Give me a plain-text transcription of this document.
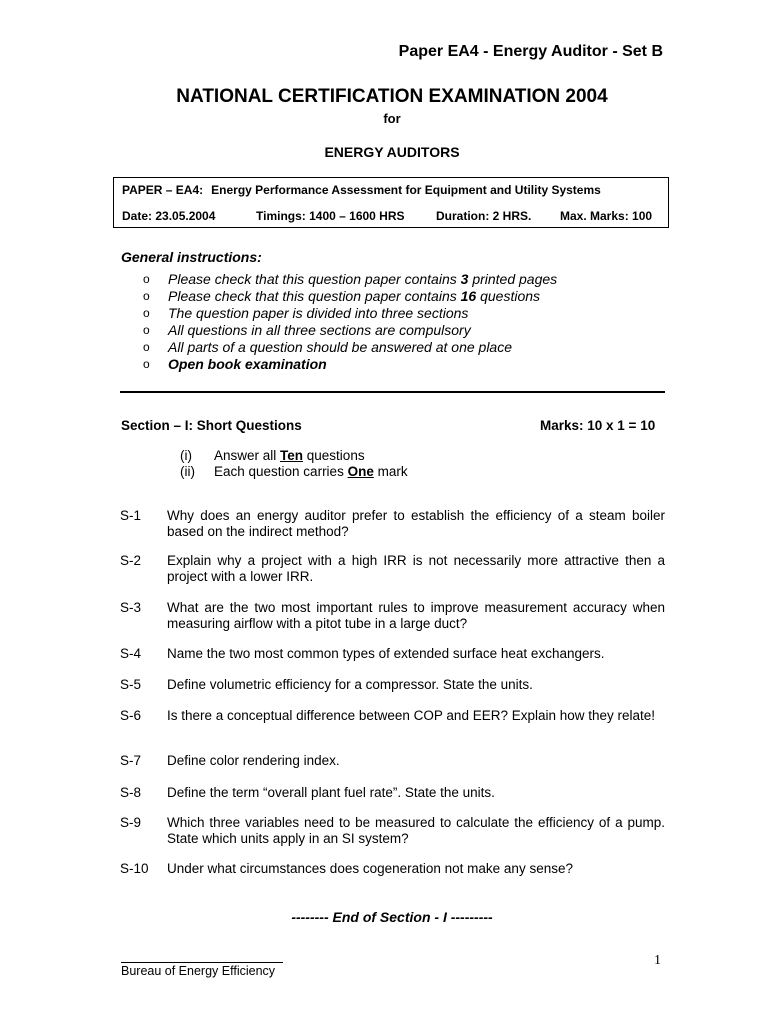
Paper EA4 - Energy Auditor - Set B
NATIONAL CERTIFICATION EXAMINATION 2004
for
ENERGY AUDITORS
PAPER – EA4: Energy Performance Assessment for Equipment and Utility Systems
Date: 23.05.2004	Timings: 1400 – 1600 HRS	Duration: 2 HRS. Max. Marks: 100
General instructions:
o Please check that this question paper contains 3 printed pages
o Please check that this question paper contains 16 questions
o The question paper is divided into three sections
o All questions in all three sections are compulsory
o All parts of a question should be answered at one place
o Open book examination
Section – I: Short Questions	Marks: 10 x 1 = 10
(i) Answer all Ten questions
(ii) Each question carries One mark
S-1 Why does an energy auditor prefer to establish the efficiency of a steam boiler based on the indirect method?
S-2 Explain why a project with a high IRR is not necessarily more attractive then a project with a lower IRR.
S-3 What are the two most important rules to improve measurement accuracy when measuring airflow with a pitot tube in a large duct?
S-4 Name the two most common types of extended surface heat exchangers.
S-5 Define volumetric efficiency for a compressor. State the units.
S-6 Is there a conceptual difference between COP and EER? Explain how they relate!
S-7 Define color rendering index.
S-8 Define the term “overall plant fuel rate”. State the units.
S-9 Which three variables need to be measured to calculate the efficiency of a pump. State which units apply in an SI system?
S-10 Under what circumstances does cogeneration not make any sense?
-------- End of Section - I ---------
1
Bureau of Energy Efficiency
